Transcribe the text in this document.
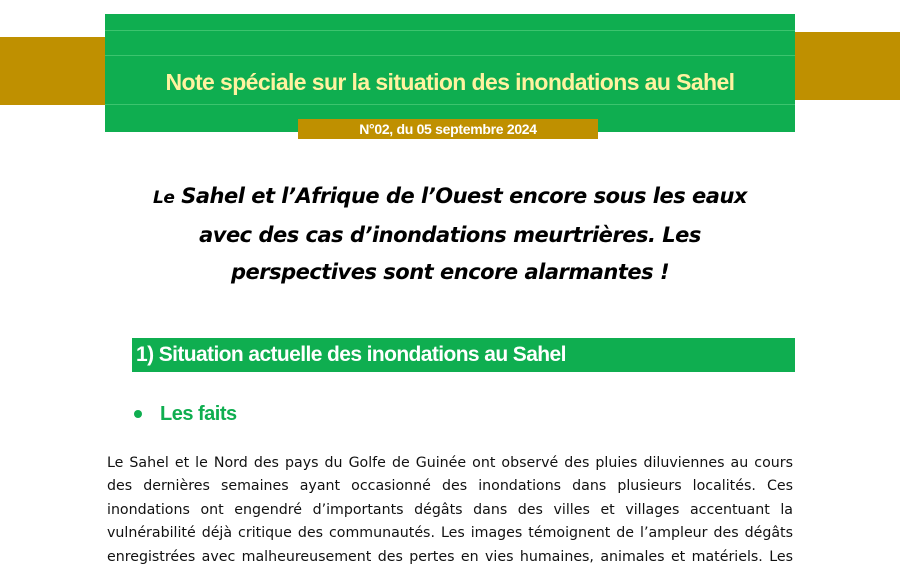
Note spéciale sur la situation des inondations au Sahel
N°02, du 05 septembre 2024
Le Sahel et l’Afrique de l’Ouest encore sous les eaux
avec des cas d’inondations meurtrières. Les
perspectives sont encore alarmantes !
1) Situation actuelle des inondations au Sahel
Les faits
Le Sahel et le Nord des pays du Golfe de Guinée ont observé des pluies diluviennes au cours
des dernières semaines ayant occasionné des inondations dans plusieurs localités. Ces
inondations ont engendré d’importants dégâts dans des villes et villages accentuant la
vulnérabilité déjà critique des communautés. Les images témoignent de l’ampleur des dégâts
enregistrées avec malheureusement des pertes en vies humaines, animales et matériels. Les
